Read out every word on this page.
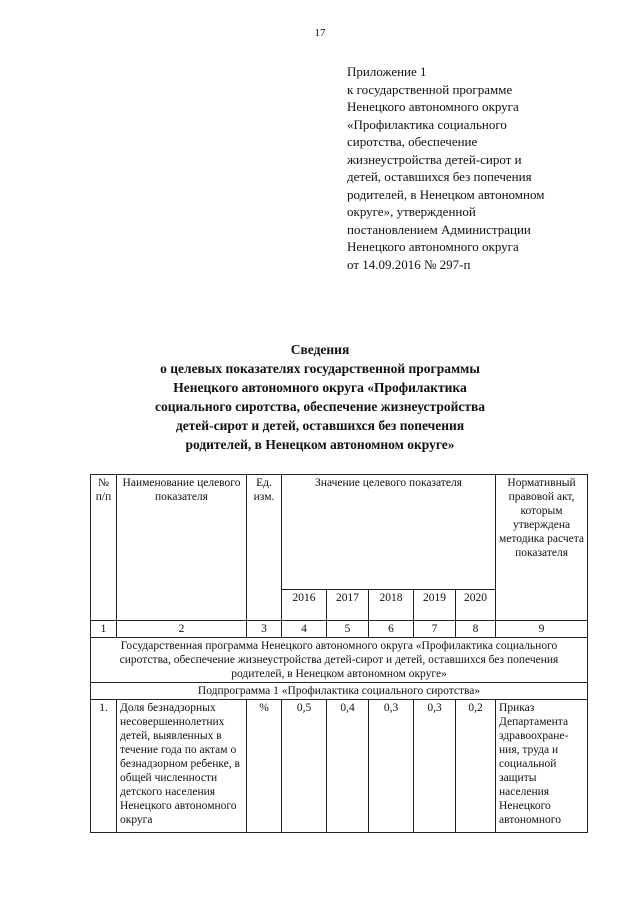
17
Приложение 1
к государственной программе
Ненецкого автономного округа
«Профилактика социального
сиротства, обеспечение
жизнеустройства детей-сирот и
детей, оставшихся без попечения
родителей, в Ненецком автономном
округе», утвержденной
постановлением Администрации
Ненецкого автономного округа
от 14.09.2016 № 297-п
Сведения
о целевых показателях государственной программы
Ненецкого автономного округа «Профилактика
социального сиротства, обеспечение жизнеустройства
детей-сирот и детей, оставшихся без попечения
родителей, в Ненецком автономном округе»
№ п/п	Наименование целевого показателя	Ед. изм.	Значение целевого показателя					Нормативный правовой акт, которым утверждена методика расчета показателя
			2016	2017	2018	2019	2020	
1	2	3	4	5	6	7	8	9
Государственная программа Ненецкого автономного округа «Профилактика социального сиротства, обеспечение жизнеустройства детей-сирот и детей, оставшихся без попечения родителей, в Ненецком автономном округе»								
Подпрограмма 1 «Профилактика социального сиротства»								
1.	Доля безнадзорных несовершеннолетних детей, выявленных в течение года по актам о безнадзорном ребенке, в общей численности детского населения Ненецкого автономного округа	%	0,5	0,4	0,3	0,3	0,2	Приказ Департамента здравоохране-ния, труда и социальной защиты населения Ненецкого автономного
